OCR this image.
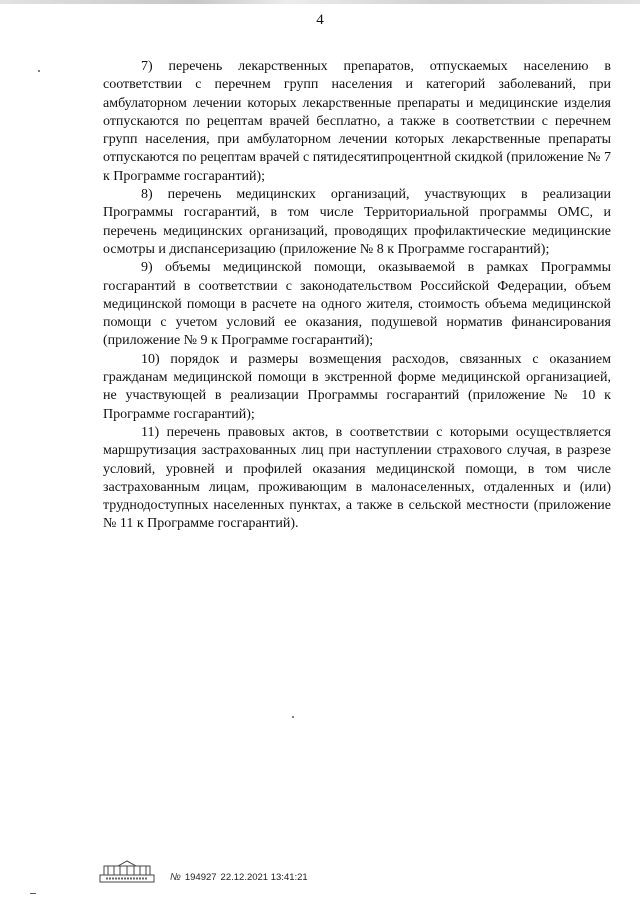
4

7) перечень лекарственных препаратов, отпускаемых населению в соответствии с перечнем групп населения и категорий заболеваний, при амбулаторном лечении которых лекарственные препараты и медицинские изделия отпускаются по рецептам врачей бесплатно, а также в соответствии с перечнем групп населения, при амбулаторном лечении которых лекарственные препараты отпускаются по рецептам врачей с пятидесятипроцентной скидкой (приложение № 7 к Программе госгарантий);

8) перечень медицинских организаций, участвующих в реализации Программы госгарантий, в том числе Территориальной программы ОМС, и перечень медицинских организаций, проводящих профилактические медицинские осмотры и диспансеризацию (приложение № 8 к Программе госгарантий);

9) объемы медицинской помощи, оказываемой в рамках Программы госгарантий в соответствии с законодательством Российской Федерации, объем медицинской помощи в расчете на одного жителя, стоимость объема медицинской помощи с учетом условий ее оказания, подушевой норматив финансирования (приложение № 9 к Программе госгарантий);

10) порядок и размеры возмещения расходов, связанных с оказанием гражданам медицинской помощи в экстренной форме медицинской организацией, не участвующей в реализации Программы госгарантий (приложение № 10 к Программе госгарантий);

11) перечень правовых актов, в соответствии с которыми осуществляется маршрутизация застрахованных лиц при наступлении страхового случая, в разрезе условий, уровней и профилей оказания медицинской помощи, в том числе застрахованным лицам, проживающим в малонаселенных, отдаленных и (или) труднодоступных населенных пунктах, а также в сельской местности (приложение № 11 к Программе госгарантий).

№ 194927 22.12.2021 13:41:21
